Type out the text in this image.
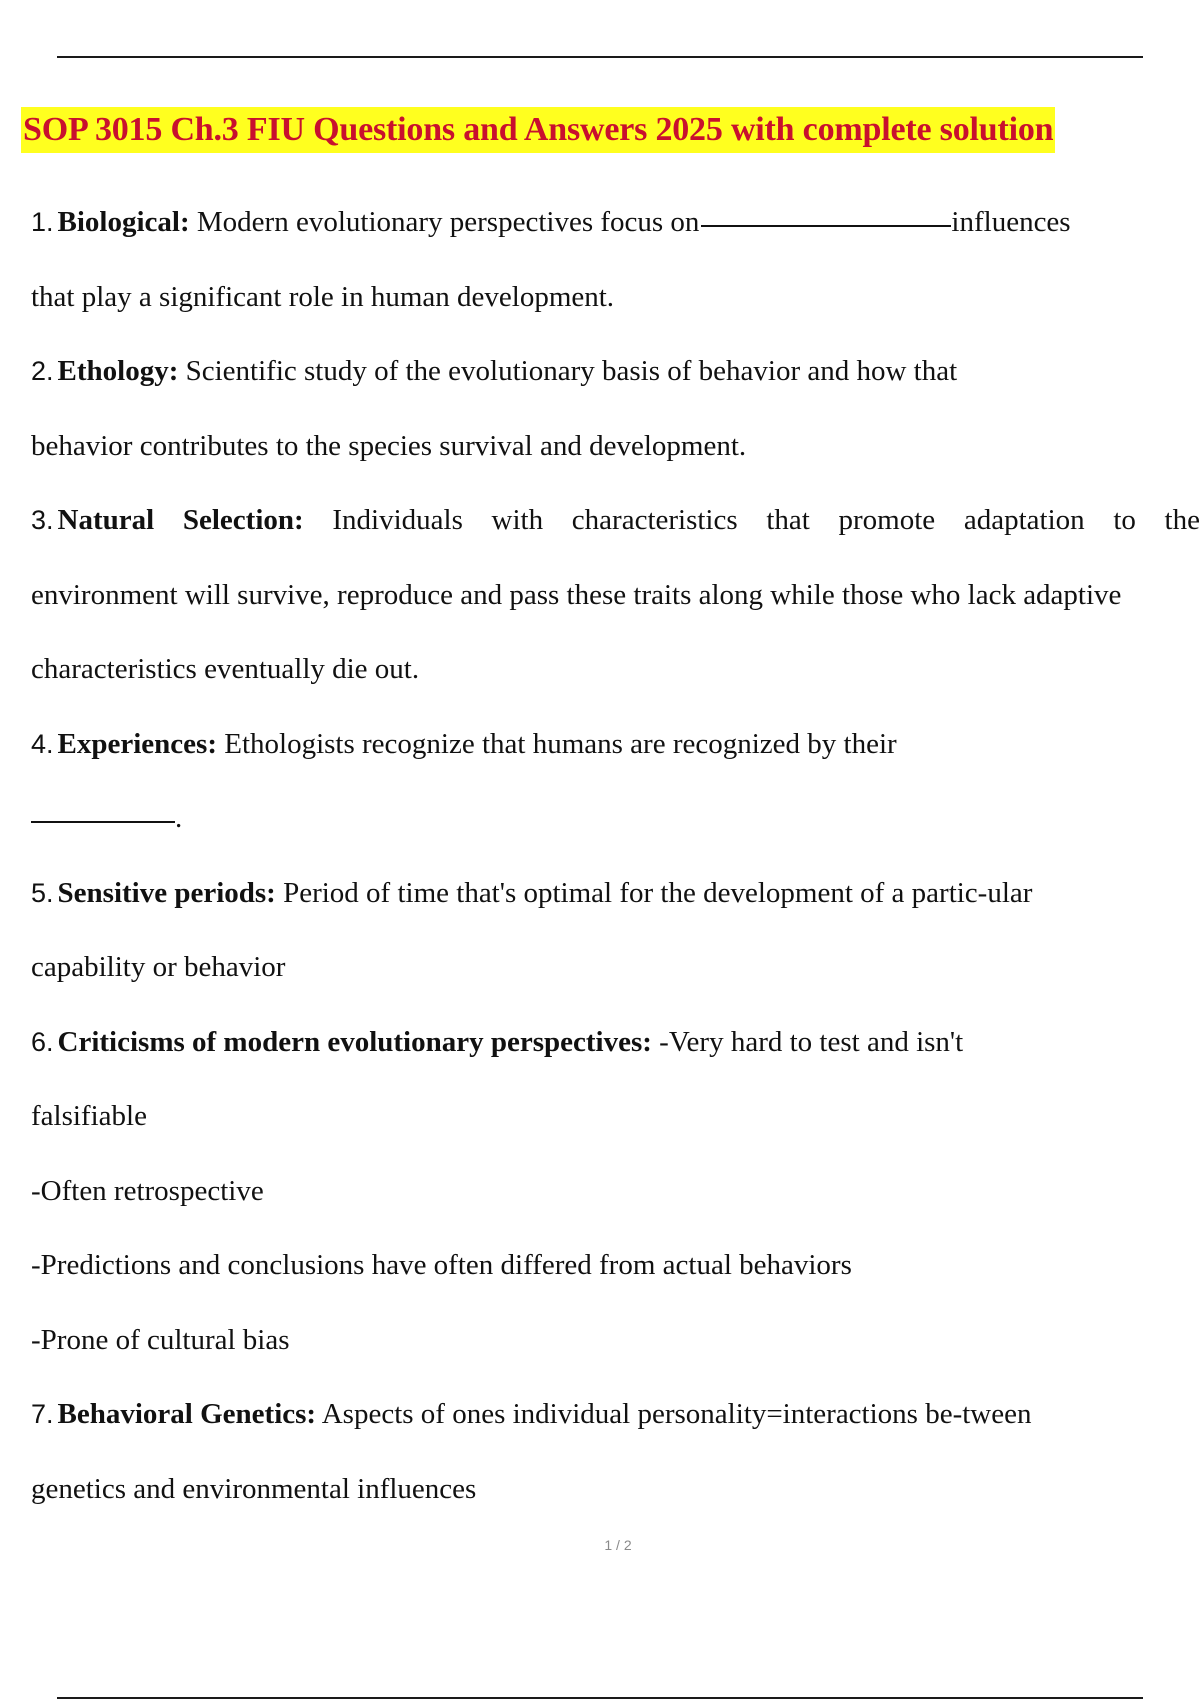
SOP 3015 Ch.3 FIU Questions and Answers 2025 with complete solution
1. Biological: Modern evolutionary perspectives focus on	influences
that play a significant role in human development.
2. Ethology: Scientific study of the evolutionary basis of behavior and how that
behavior contributes to the species survival and development.
3. Natural Selection: Individuals with characteristics that promote adaptation to the
environment will survive, reproduce and pass these traits along while those who lack adaptive
characteristics eventually die out.
4. Experiences: Ethologists recognize that humans are recognized by their
.
5. Sensitive periods: Period of time that's optimal for the development of a partic-ular
capability or behavior
6. Criticisms of modern evolutionary perspectives: -Very hard to test and isn't
falsifiable
-Often retrospective
-Predictions and conclusions have often differed from actual behaviors
-Prone of cultural bias
7. Behavioral Genetics: Aspects of ones individual personality=interactions be-tween
genetics and environmental influences
1 / 2
